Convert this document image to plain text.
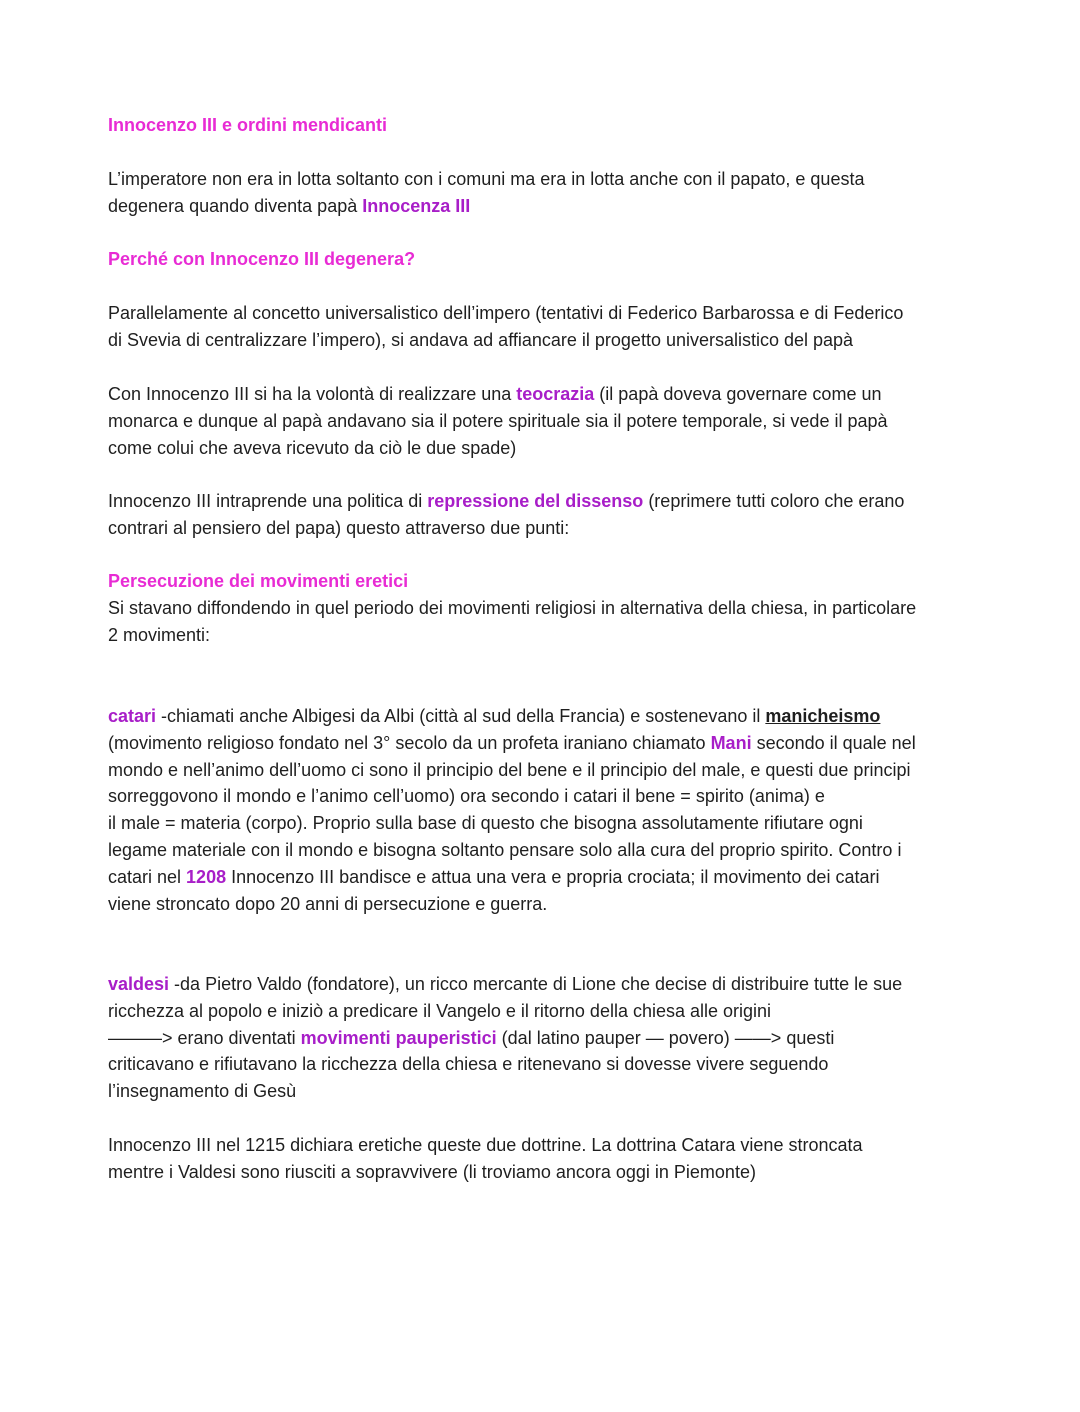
Innocenzo III e ordini mendicanti
L’imperatore non era in lotta soltanto con i comuni ma era in lotta anche con il papato, e questa
degenera quando diventa papà Innocenza III
Perché con Innocenzo III degenera?
Parallelamente al concetto universalistico dell’impero (tentativi di Federico Barbarossa e di Federico
di Svevia di centralizzare l’impero), si andava ad affiancare il progetto universalistico del papà
Con Innocenzo III si ha la volontà di realizzare una teocrazia (il papà doveva governare come un
monarca e dunque al papà andavano sia il potere spirituale sia il potere temporale, si vede il papà
come colui che aveva ricevuto da ciò le due spade)
Innocenzo III intraprende una politica di repressione del dissenso (reprimere tutti coloro che erano
contrari al pensiero del papa) questo attraverso due punti:
Persecuzione dei movimenti eretici
Si stavano diffondendo in quel periodo dei movimenti religiosi in alternativa della chiesa, in particolare
2 movimenti:
catari -chiamati anche Albigesi da Albi (città al sud della Francia) e sostenevano il manicheismo
(movimento religioso fondato nel 3° secolo da un profeta iraniano chiamato Mani secondo il quale nel
mondo e nell’animo dell’uomo ci sono il principio del bene e il principio del male, e questi due principi
sorreggovono il mondo e l’animo cell’uomo) ora secondo i catari il bene = spirito (anima) e
il male = materia (corpo). Proprio sulla base di questo che bisogna assolutamente rifiutare ogni
legame materiale con il mondo e bisogna soltanto pensare solo alla cura del proprio spirito. Contro i
catari nel 1208 Innocenzo III bandisce e attua una vera e propria crociata; il movimento dei catari
viene stroncato dopo 20 anni di persecuzione e guerra.
valdesi -da Pietro Valdo (fondatore), un ricco mercante di Lione che decise di distribuire tutte le sue
ricchezza al popolo e iniziò a predicare il Vangelo e il ritorno della chiesa alle origini
———> erano diventati movimenti pauperistici (dal latino pauper — povero) ——> questi
criticavano e rifiutavano la ricchezza della chiesa e ritenevano si dovesse vivere seguendo
l’insegnamento di Gesù
Innocenzo III nel 1215 dichiara eretiche queste due dottrine. La dottrina Catara viene stroncata
mentre i Valdesi sono riusciti a sopravvivere (li troviamo ancora oggi in Piemonte)
